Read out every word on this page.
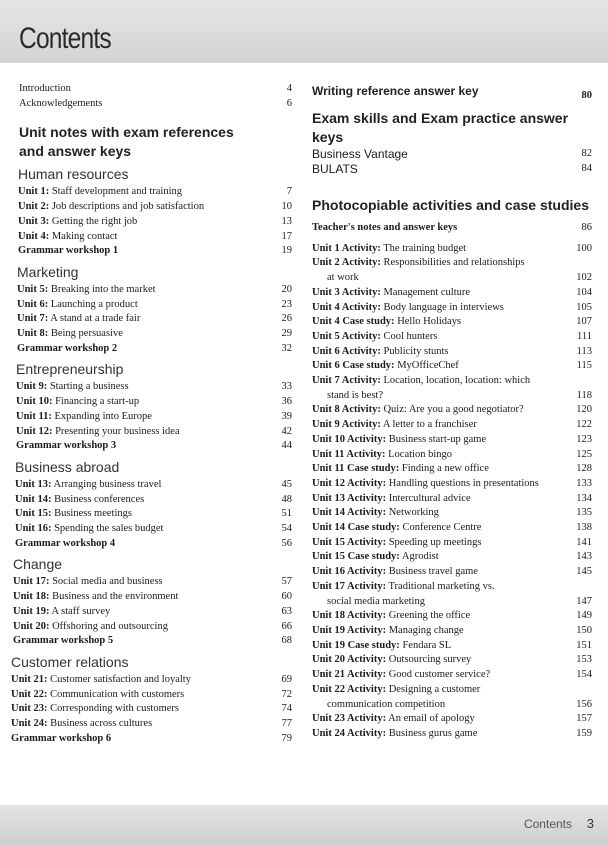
Contents
Introduction	4
Acknowledgements	6
Unit notes with exam references
and answer keys
Human resources
Unit 1: Staff development and training	7
Unit 2: Job descriptions and job satisfaction	10
Unit 3: Getting the right job	13
Unit 4: Making contact	17
Grammar workshop 1	19
Marketing
Unit 5: Breaking into the market	20
Unit 6: Launching a product	23
Unit 7: A stand at a trade fair	26
Unit 8: Being persuasive	29
Grammar workshop 2	32
Entrepreneurship
Unit 9: Starting a business	33
Unit 10: Financing a start-up	36
Unit 11: Expanding into Europe	39
Unit 12: Presenting your business idea	42
Grammar workshop 3	44
Business abroad
Unit 13: Arranging business travel	45
Unit 14: Business conferences	48
Unit 15: Business meetings	51
Unit 16: Spending the sales budget	54
Grammar workshop 4	56
Change
Unit 17: Social media and business	57
Unit 18: Business and the environment	60
Unit 19: A staff survey	63
Unit 20: Offshoring and outsourcing	66
Grammar workshop 5	68
Customer relations
Unit 21: Customer satisfaction and loyalty	69
Unit 22: Communication with customers	72
Unit 23: Corresponding with customers	74
Unit 24: Business across cultures	77
Grammar workshop 6	79
Writing reference answer key	80
Exam skills and Exam practice answer keys
Business Vantage	82
BULATS	84
Photocopiable activities and case studies
Teacher's notes and answer keys	86
Unit 1 Activity: The training budget	100
Unit 2 Activity: Responsibilities and relationships
at work	102
Unit 3 Activity: Management culture	104
Unit 4 Activity: Body language in interviews	105
Unit 4 Case study: Hello Holidays	107
Unit 5 Activity: Cool hunters	111
Unit 6 Activity: Publicity stunts	113
Unit 6 Case study: MyOfficeChef	115
Unit 7 Activity: Location, location, location: which
stand is best?	118
Unit 8 Activity: Quiz: Are you a good negotiator?	120
Unit 9 Activity: A letter to a franchiser	122
Unit 10 Activity: Business start-up game	123
Unit 11 Activity: Location bingo	125
Unit 11 Case study: Finding a new office	128
Unit 12 Activity: Handling questions in presentations	133
Unit 13 Activity: Intercultural advice	134
Unit 14 Activity: Networking	135
Unit 14 Case study: Conference Centre	138
Unit 15 Activity: Speeding up meetings	141
Unit 15 Case study: Agrodist	143
Unit 16 Activity: Business travel game	145
Unit 17 Activity: Traditional marketing vs.
social media marketing	147
Unit 18 Activity: Greening the office	149
Unit 19 Activity: Managing change	150
Unit 19 Case study: Fendara SL	151
Unit 20 Activity: Outsourcing survey	153
Unit 21 Activity: Good customer service?	154
Unit 22 Activity: Designing a customer
communication competition	156
Unit 23 Activity: An email of apology	157
Unit 24 Activity: Business gurus game	159
Contents 3
